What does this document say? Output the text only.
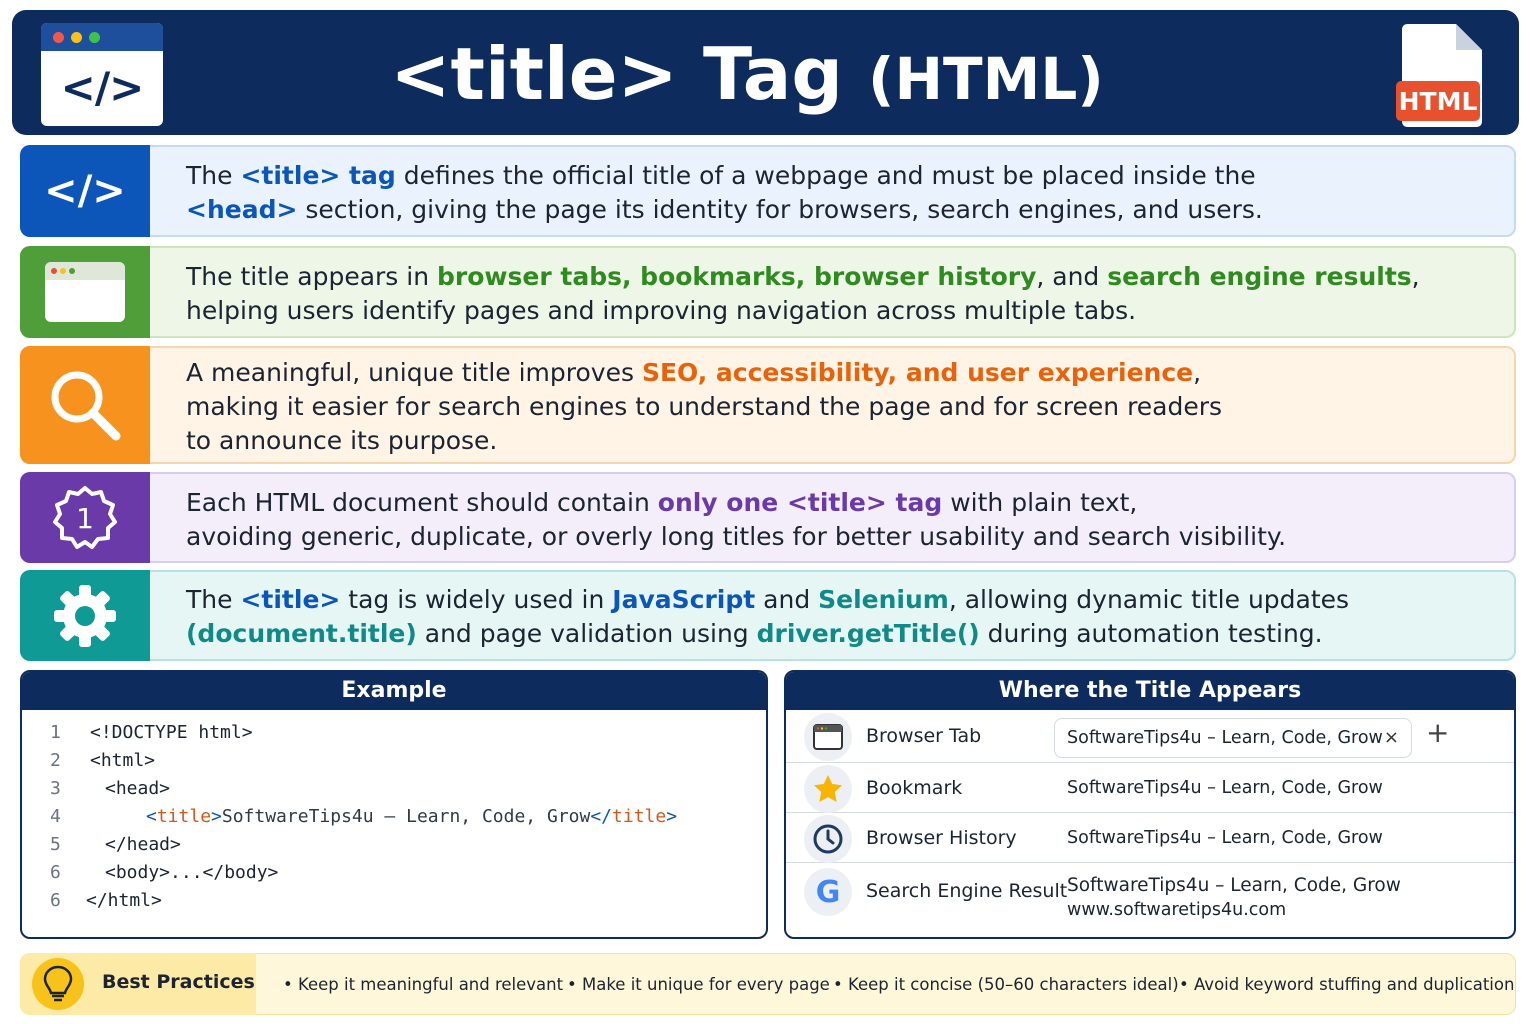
</>	<title> Tag (HTML)	HTML
</> The <title> tag defines the official title of a webpage and must be placed inside the
<head> section, giving the page its identity for browsers, search engines, and users.
The title appears in browser tabs, bookmarks, browser history, and search engine results,
helping users identify pages and improving navigation across multiple tabs.
A meaningful, unique title improves SEO, accessibility, and user experience,
making it easier for search engines to understand the page and for screen readers
to announce its purpose.
1	Each HTML document should contain only one <title> tag with plain text,
avoiding generic, duplicate, or overly long titles for better usability and search visibility.
The <title> tag is widely used in JavaScript and Selenium, allowing dynamic title updates
(document.title) and page validation using driver.getTitle() during automation testing.
Example
1	<!DOCTYPE html>
2	<html>
3	<head>
4	<title>SoftwareTips4u – Learn, Code, Grow</title>
5	</head>
6	<body>...</body>
6	</html>
Where the Title Appears
Browser Tab	SoftwareTips4u – Learn, Code, Grow × +
Bookmark	SoftwareTips4u – Learn, Code, Grow
Browser History	SoftwareTips4u – Learn, Code, Grow
G Search Engine Result SoftwareTips4u – Learn, Code, Grow
www.softwaretips4u.com
Best Practices • Keep it meaningful and relevant • Make it unique for every page • Keep it concise (50–60 characters ideal) • Avoid keyword stuffing and duplication
